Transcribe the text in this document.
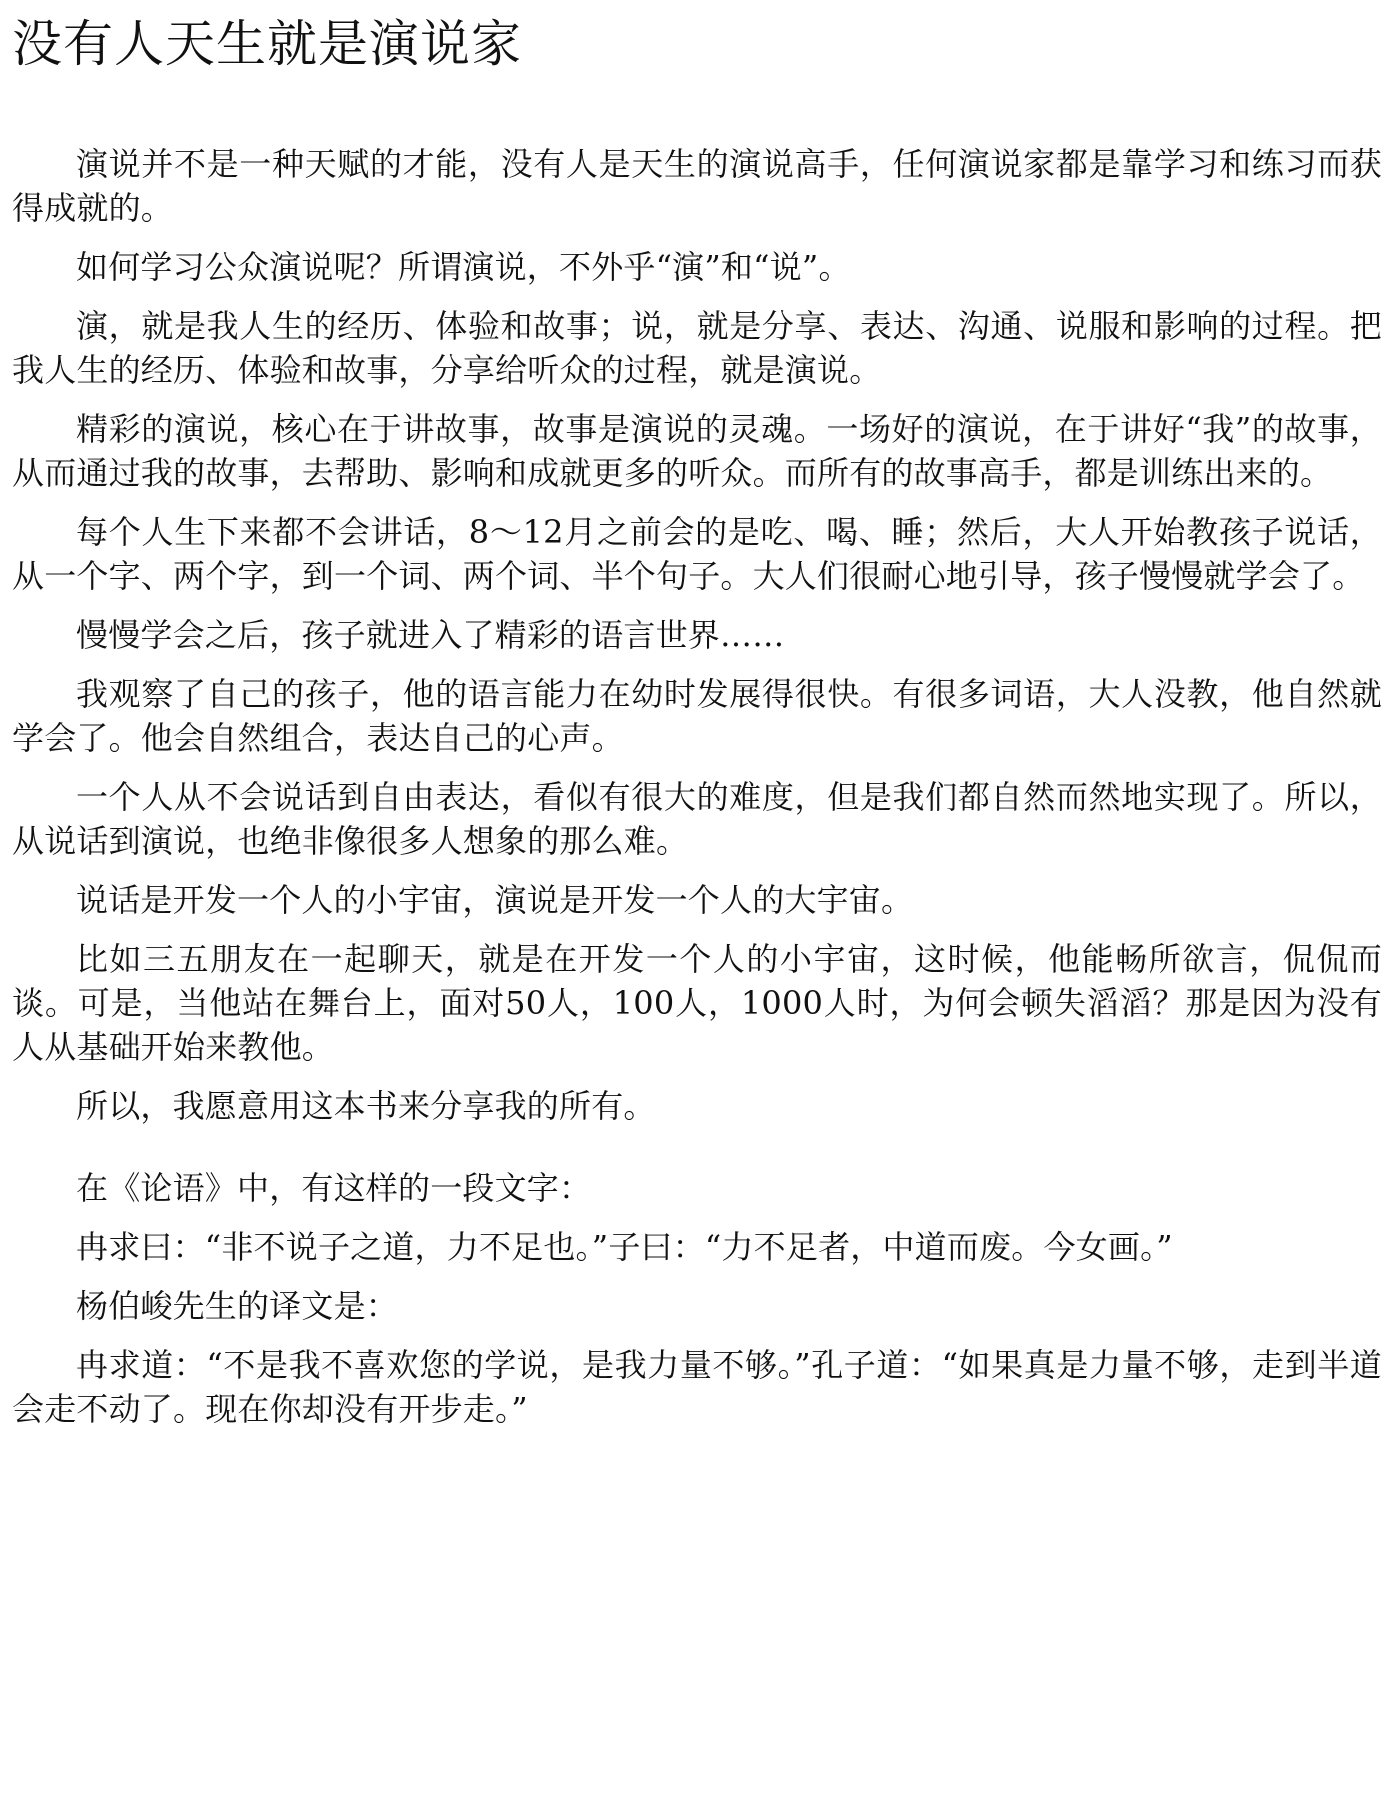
没有人天生就是演说家

演说并不是一种天赋的才能，没有人是天生的演说高手，任何演说家都是靠学习和练习而获得成就的。

如何学习公众演说呢？所谓演说，不外乎“演”和“说”。

演，就是我人生的经历、体验和故事；说，就是分享、表达、沟通、说服和影响的过程。把我人生的经历、体验和故事，分享给听众的过程，就是演说。

精彩的演说，核心在于讲故事，故事是演说的灵魂。一场好的演说，在于讲好“我”的故事，从而通过我的故事，去帮助、影响和成就更多的听众。而所有的故事高手，都是训练出来的。

每个人生下来都不会讲话，8～12月之前会的是吃、喝、睡；然后，大人开始教孩子说话，从一个字、两个字，到一个词、两个词、半个句子。大人们很耐心地引导，孩子慢慢就学会了。

慢慢学会之后，孩子就进入了精彩的语言世界……

我观察了自己的孩子，他的语言能力在幼时发展得很快。有很多词语，大人没教，他自然就学会了。他会自然组合，表达自己的心声。

一个人从不会说话到自由表达，看似有很大的难度，但是我们都自然而然地实现了。所以，从说话到演说，也绝非像很多人想象的那么难。

说话是开发一个人的小宇宙，演说是开发一个人的大宇宙。

比如三五朋友在一起聊天，就是在开发一个人的小宇宙，这时候，他能畅所欲言，侃侃而谈。可是，当他站在舞台上，面对50人，100人，1000人时，为何会顿失滔滔？那是因为没有人从基础开始来教他。

所以，我愿意用这本书来分享我的所有。

在《论语》中，有这样的一段文字：

冉求曰：“非不说子之道，力不足也。”子曰：“力不足者，中道而废。今女画。”

杨伯峻先生的译文是：

冉求道：“不是我不喜欢您的学说，是我力量不够。”孔子道：“如果真是力量不够，走到半道会走不动了。现在你却没有开步走。”
